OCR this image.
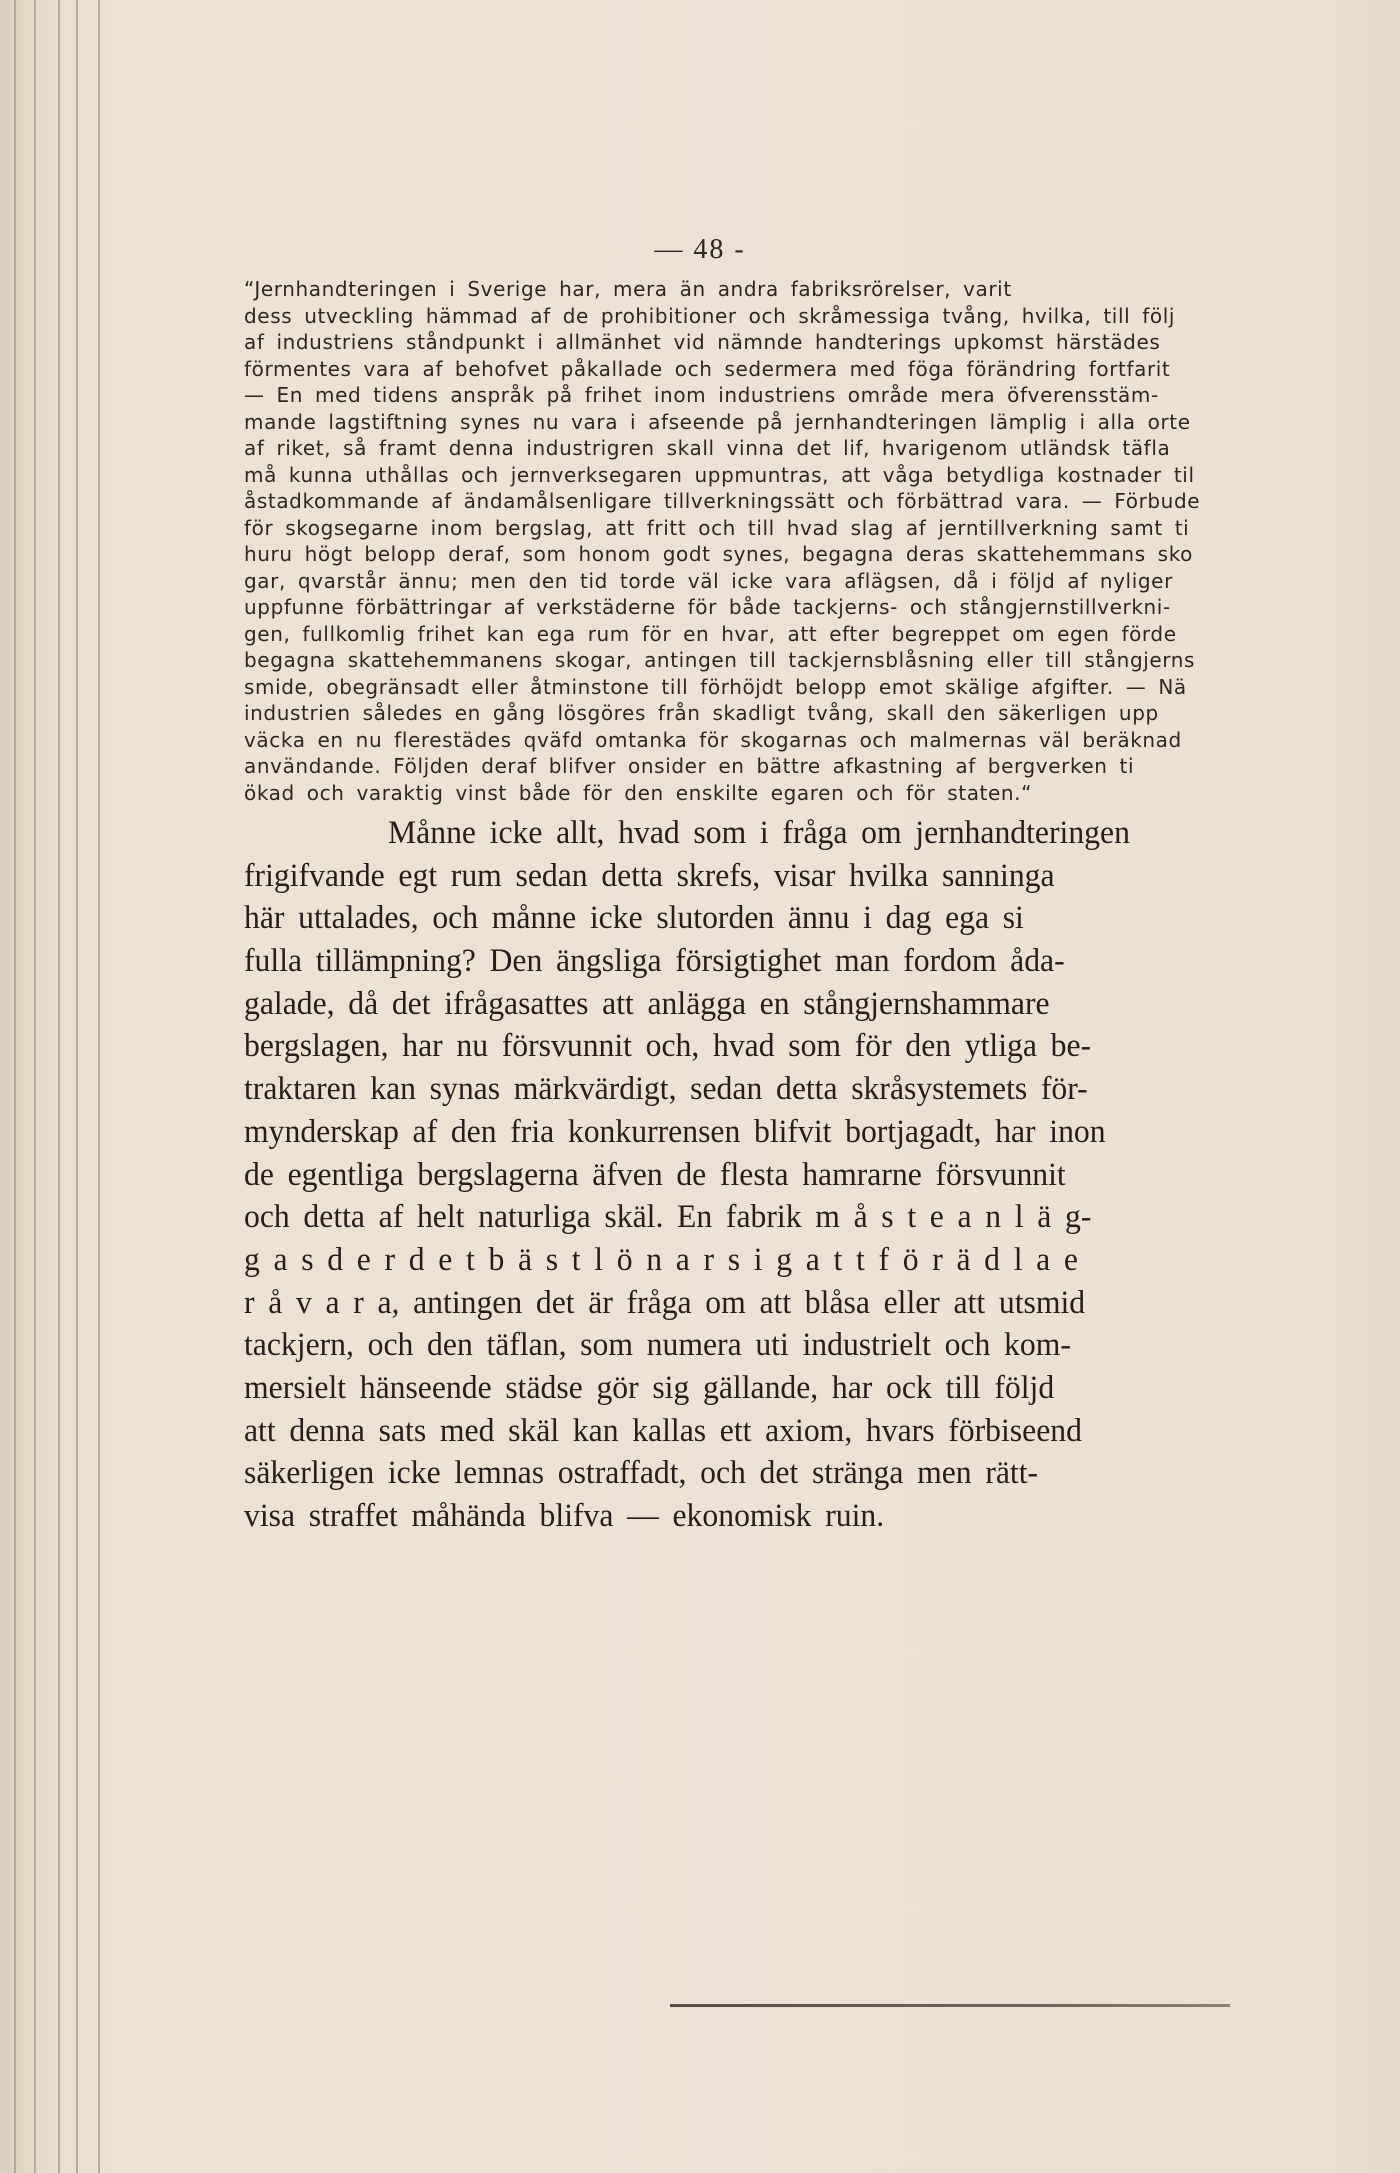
— 48 -
“Jernhandteringen i Sverige har, mera än andra fabriksrörelser, varit
dess utveckling hämmad af de prohibitioner och skråmessiga tvång, hvilka, till följ
af industriens ståndpunkt i allmänhet vid nämnde handterings upkomst härstädes
förmentes vara af behofvet påkallade och sedermera med föga förändring fortfarit
— En med tidens anspråk på frihet inom industriens område mera öfverensstäm-
mande lagstiftning synes nu vara i afseende på jernhandteringen lämplig i alla orte
af riket, så framt denna industrigren skall vinna det lif, hvarigenom utländsk täfla
må kunna uthållas och jernverksegaren uppmuntras, att våga betydliga kostnader til
åstadkommande af ändamålsenligare tillverkningssätt och förbättrad vara. — Förbude
för skogsegarne inom bergslag, att fritt och till hvad slag af jerntillverkning samt ti
huru högt belopp deraf, som honom godt synes, begagna deras skattehemmans sko
gar, qvarstår ännu; men den tid torde väl icke vara aflägsen, då i följd af nyliger
uppfunne förbättringar af verkstäderne för både tackjerns- och stångjernstillverkni-
gen, fullkomlig frihet kan ega rum för en hvar, att efter begreppet om egen förde
begagna skattehemmanens skogar, antingen till tackjernsblåsning eller till stångjerns
smide, obegränsadt eller åtminstone till förhöjdt belopp emot skälige afgifter. — Nä
industrien således en gång lösgöres från skadligt tvång, skall den säkerligen upp
väcka en nu flerestädes qväfd omtanka för skogarnas och malmernas väl beräknad
användande. Följden deraf blifver onsider en bättre afkastning af bergverken ti
ökad och varaktig vinst både för den enskilte egaren och för staten.“
Månne icke allt, hvad som i fråga om jernhandteringen
frigifvande egt rum sedan detta skrefs, visar hvilka sanninga
här uttalades, och månne icke slutorden ännu i dag ega si
fulla tillämpning? Den ängsliga försigtighet man fordom åda-
galade, då det ifrågasattes att anlägga en stångjernshammare
bergslagen, har nu försvunnit och, hvad som för den ytliga be-
traktaren kan synas märkvärdigt, sedan detta skråsystemets för-
mynderskap af den fria konkurrensen blifvit bortjagadt, har inon
de egentliga bergslagerna äfven de flesta hamrarne försvunnit
och detta af helt naturliga skäl. En fabrik m å s t e a n l ä g-
g a s d e r d e t b ä s t l ö n a r s i g a t t f ö r ä d l a e
r å v a r a, antingen det är fråga om att blåsa eller att utsmid
tackjern, och den täflan, som numera uti industrielt och kom-
mersielt hänseende städse gör sig gällande, har ock till följd
att denna sats med skäl kan kallas ett axiom, hvars förbiseend
säkerligen icke lemnas ostraffadt, och det stränga men rätt-
visa straffet måhända blifva — ekonomisk ruin.
